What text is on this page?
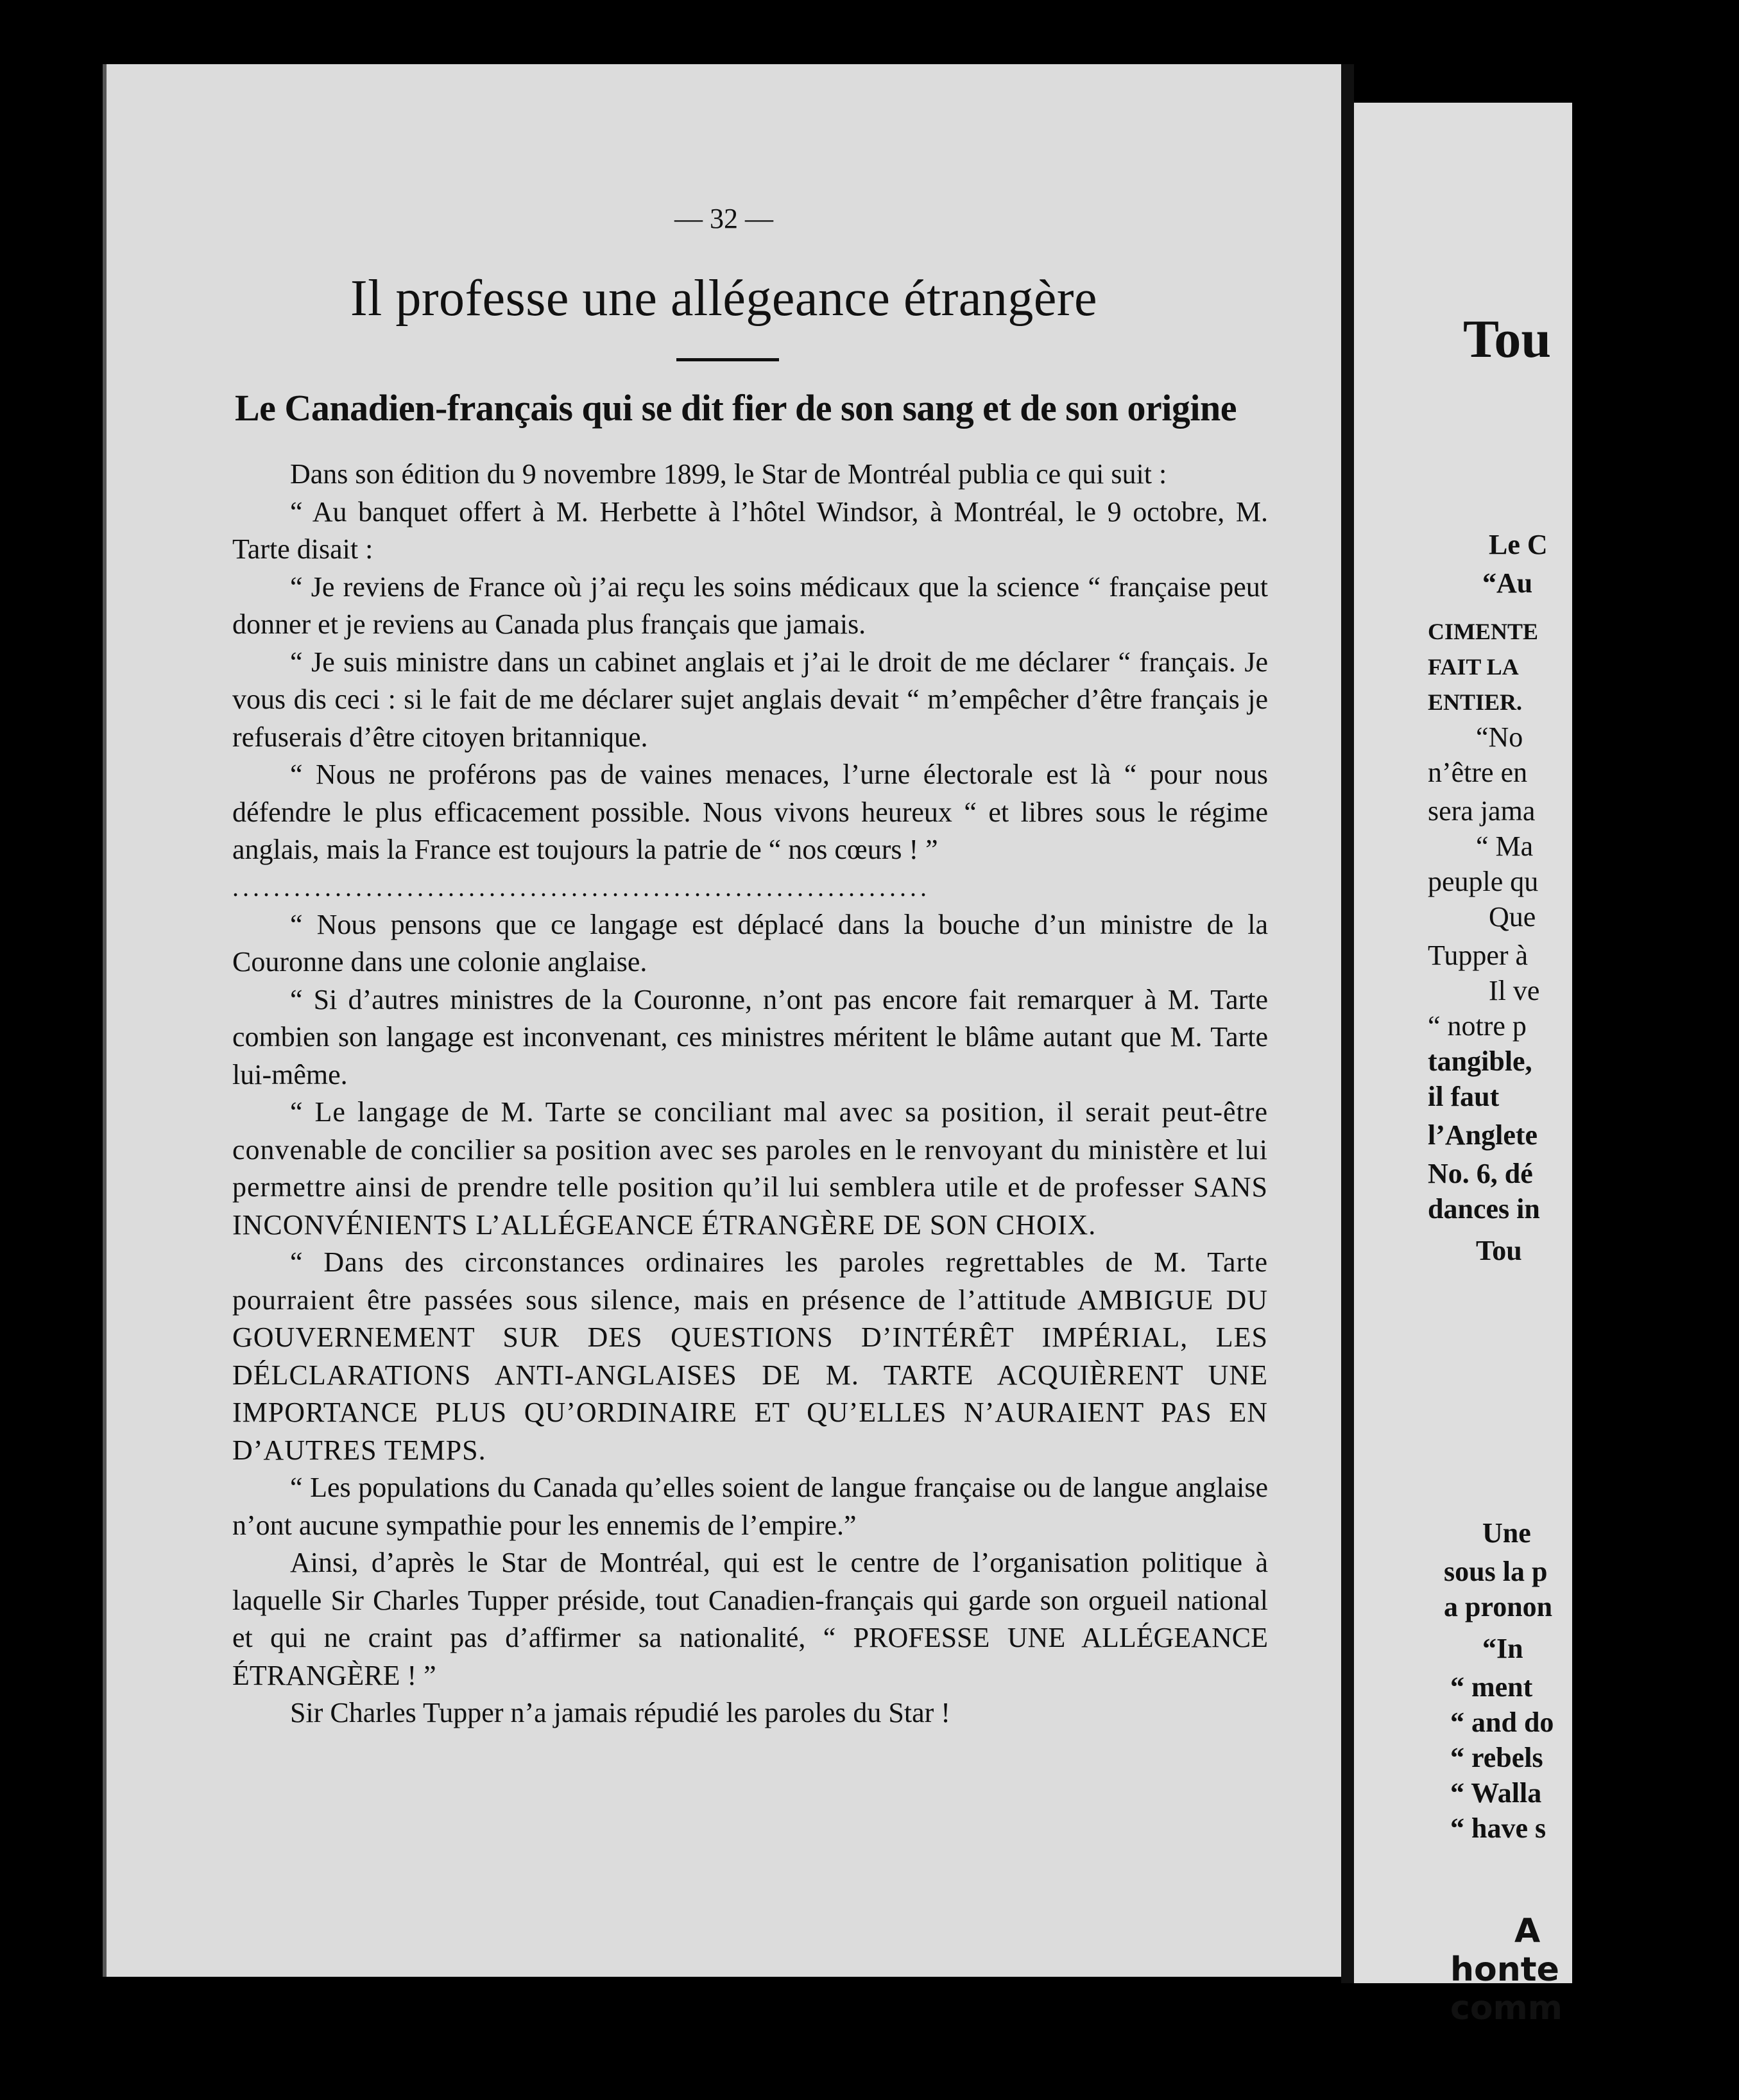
— 32 —
Il professe une allégeance étrangère
Le Canadien-français qui se dit fier de son sang et de son origine

Dans son édition du 9 novembre 1899, le Star de Montréal publia ce qui suit :

“ Au banquet offert à M. Herbette à l’hôtel Windsor, à Montréal, le 9 octobre, M. Tarte disait :

“ Je reviens de France où j’ai reçu les soins médicaux que la science “ française peut donner et je reviens au Canada plus français que jamais.

“ Je suis ministre dans un cabinet anglais et j’ai le droit de me déclarer “ français. Je vous dis ceci : si le fait de me déclarer sujet anglais devait “ m’empêcher d’être français je refuserais d’être citoyen britannique.

“ Nous ne proférons pas de vaines menaces, l’urne électorale est là “ pour nous défendre le plus efficacement possible. Nous vivons heureux “ et libres sous le régime anglais, mais la France est toujours la patrie de “ nos cœurs ! ”

....................................................................

“ Nous pensons que ce langage est déplacé dans la bouche d’un ministre de la Couronne dans une colonie anglaise.

“ Si d’autres ministres de la Couronne, n’ont pas encore fait remarquer à M. Tarte combien son langage est inconvenant, ces ministres méritent le blâme autant que M. Tarte lui-même.

“ Le langage de M. Tarte se conciliant mal avec sa position, il serait peut-être convenable de concilier sa position avec ses paroles en le renvoyant du ministère et lui permettre ainsi de prendre telle position qu’il lui semblera utile et de professer SANS INCONVÉNIENTS L’ALLÉGEANCE ÉTRANGÈRE DE SON CHOIX.

“ Dans des circonstances ordinaires les paroles regrettables de M. Tarte pourraient être passées sous silence, mais en présence de l’attitude AMBIGUE DU GOUVERNEMENT SUR DES QUESTIONS D’INTÉRÊT IMPÉRIAL, LES DÉLCLARATIONS ANTI-ANGLAISES DE M. TARTE ACQUIÈRENT UNE IMPORTANCE PLUS QU’ORDINAIRE ET QU’ELLES N’AURAIENT PAS EN D’AUTRES TEMPS.

“ Les populations du Canada qu’elles soient de langue française ou de langue anglaise n’ont aucune sympathie pour les ennemis de l’empire.”

Ainsi, d’après le Star de Montréal, qui est le centre de l’organisation politique à laquelle Sir Charles Tupper préside, tout Canadien-français qui garde son orgueil national et qui ne craint pas d’affirmer sa nationalité, “ PROFESSE UNE ALLÉGEANCE ÉTRANGÈRE ! ”

Sir Charles Tupper n’a jamais répudié les paroles du Star !

Tou
Le C
“Au
CIMENTE
FAIT LA
ENTIER.
“No
n’être en
sera jama
“ Ma
peuple qu
Que
Tupper à
Il ve
“ notre p
tangible,
il faut
l’Anglete
No. 6, dé
dances in
Tou
Une
sous la p
a pronon
“In
“ ment
“ and do
“ rebels
“ Walla
“ have s
A
honte
comm
